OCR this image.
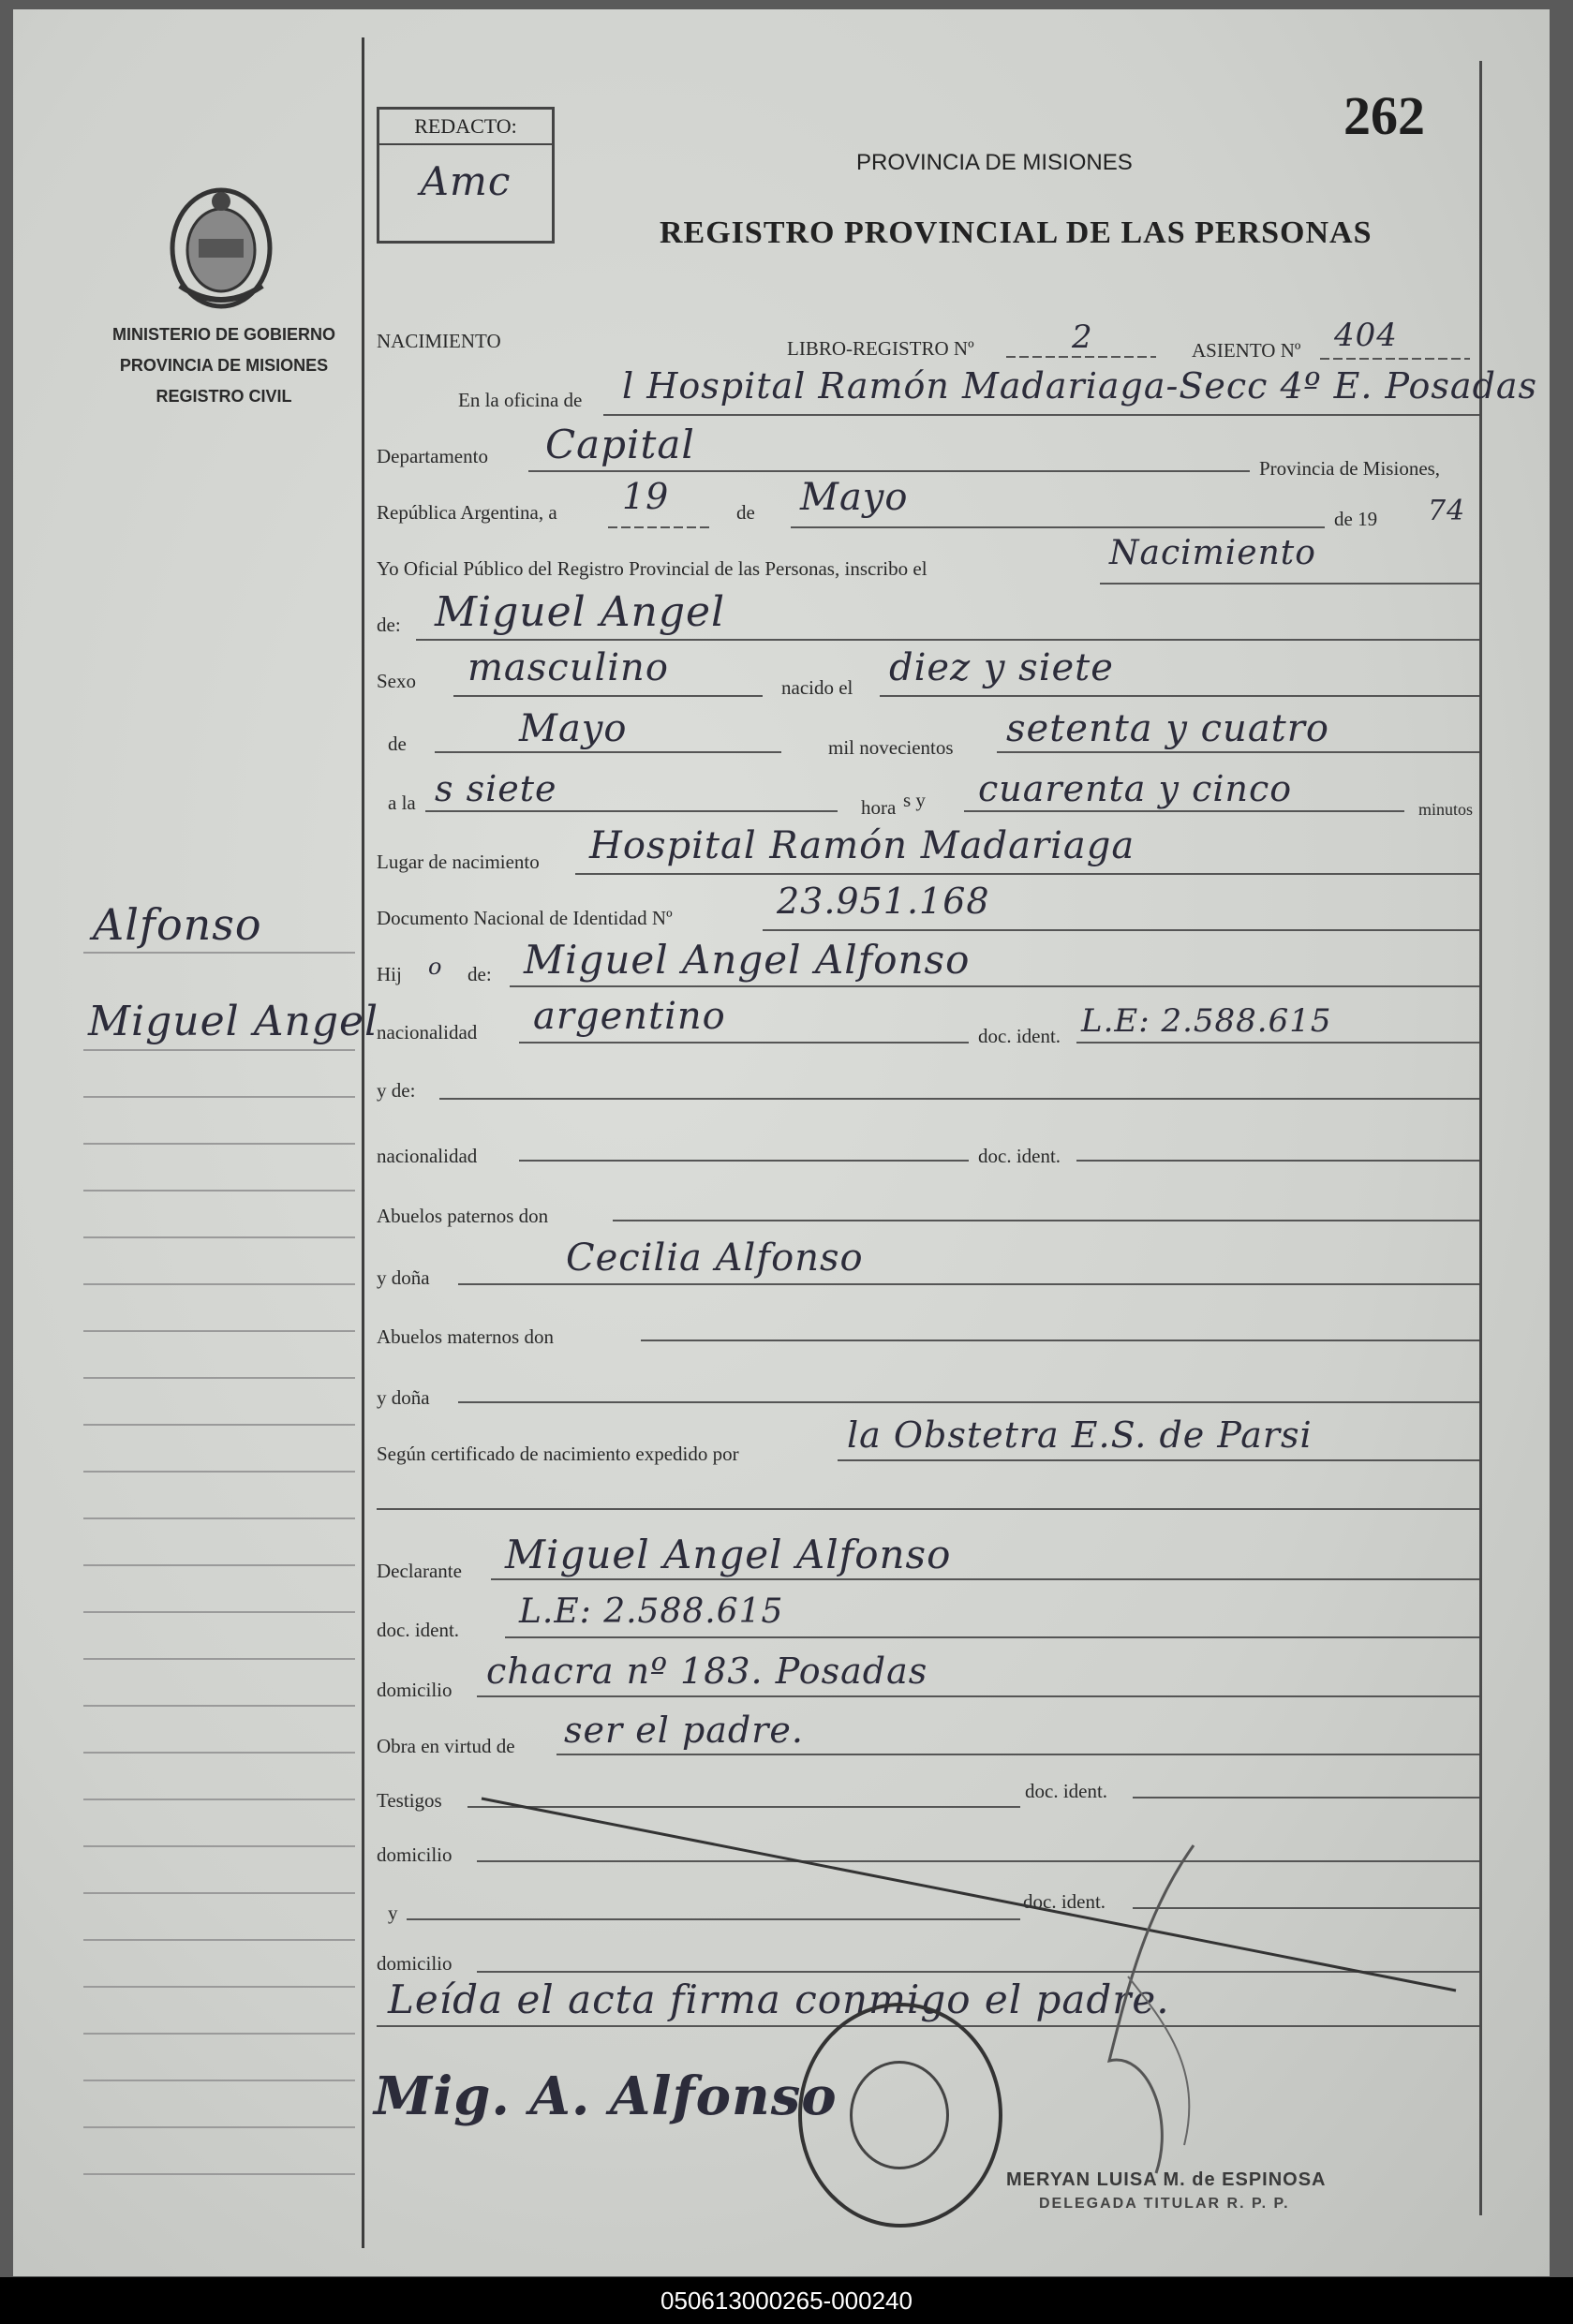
MINISTERIO DE GOBIERNO
PROVINCIA DE MISIONES
REGISTRO CIVIL
REDACTO:
Amc
262
PROVINCIA DE MISIONES
REGISTRO PROVINCIAL DE LAS PERSONAS
Alfonso
Miguel Angel
NACIMIENTO	LIBRO-REGISTRO Nº	2	ASIENTO Nº 404
En la oficina de l Hospital Ramón Madariaga-Secc 4º E. Posadas
Departamento Capital
Provincia de Misiones,
República Argentina, a 19	de Mayo	de 19 74
Yo Oficial Público del Registro Provincial de las Personas, inscribo el	Nacimiento
de: Miguel Angel
Sexo masculino	nacido el diez y siete
de	Mayo	mil novecientos setenta y cuatro
a la s siete	hora s y cuarenta y cinco	minutos
Lugar de nacimiento Hospital Ramón Madariaga
Documento Nacional de Identidad Nº	23.951.168
Hij o de: Miguel Angel Alfonso
nacionalidad argentino	doc. ident. L.E: 2.588.615
y de:
nacionalidad	doc. ident.
Abuelos paternos don
y doña	Cecilia Alfonso
Abuelos maternos don
y doña
Según certificado de nacimiento expedido por	la Obstetra E.S. de Parsi
Declarante Miguel Angel Alfonso
doc. ident. L.E: 2.588.615
domicilio chacra nº 183. Posadas
Obra en virtud de ser el padre.
Testigos	doc. ident.
domicilio
y	doc. ident.
domicilio
Leída el acta firma conmigo el padre.
Mig. A. Alfonso
MERYAN LUISA M. de ESPINOSA
DELEGADA TITULAR R. P. P.
050613000265-000240
